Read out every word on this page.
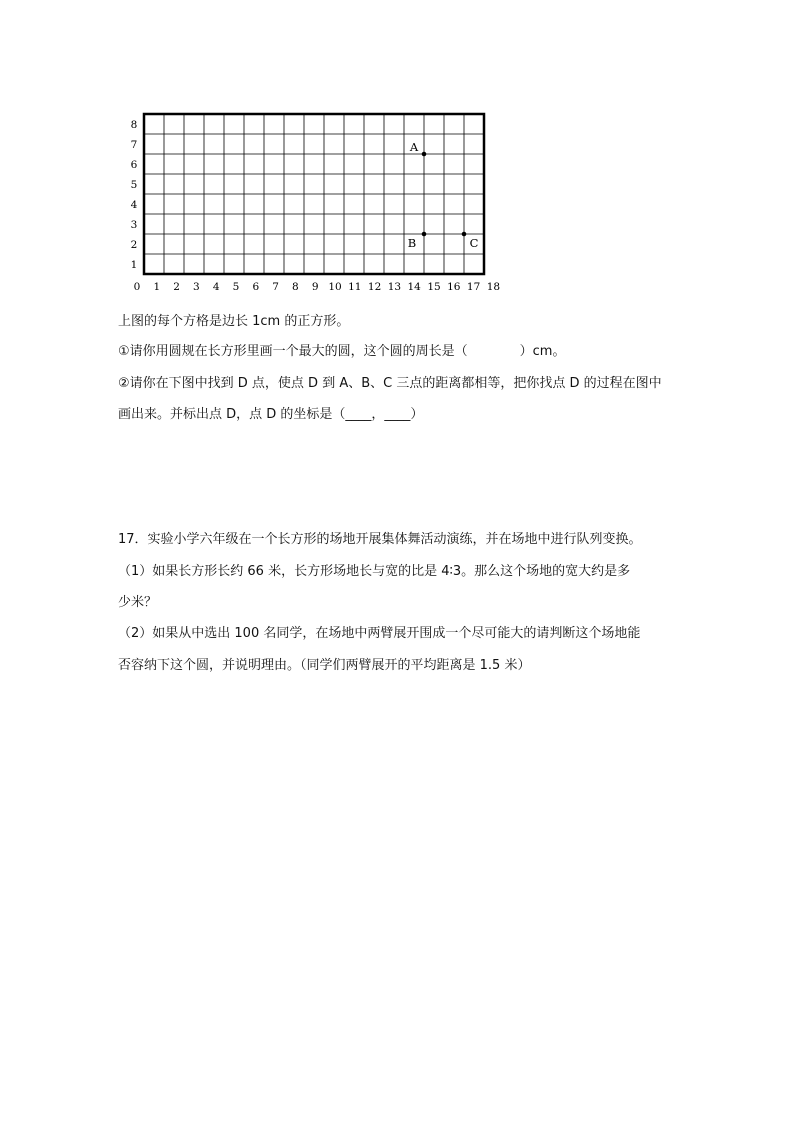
0 1 2 3 4 5 6 7 8 9 10 11 12 13 14 15 16 17 18
1
2
3
4
5
6
7
8
A
B	C
上图的每个方格是边长 1cm 的正方形。
①请你用圆规在长方形里画一个最大的圆，这个圆的周长是（　　　　）cm。
②请你在下图中找到 D 点，使点 D 到 A、B、C 三点的距离都相等，把你找点 D 的过程在图中
画出来。并标出点 D，点 D 的坐标是（____，____）
17．实验小学六年级在一个长方形的场地开展集体舞活动演练，并在场地中进行队列变换。
（1）如果长方形长约 66 米，长方形场地长与宽的比是 4∶3。那么这个场地的宽大约是多
少米？
（2）如果从中选出 100 名同学，在场地中两臂展开围成一个尽可能大的请判断这个场地能
否容纳下这个圆，并说明理由。（同学们两臂展开的平均距离是 1.5 米）
